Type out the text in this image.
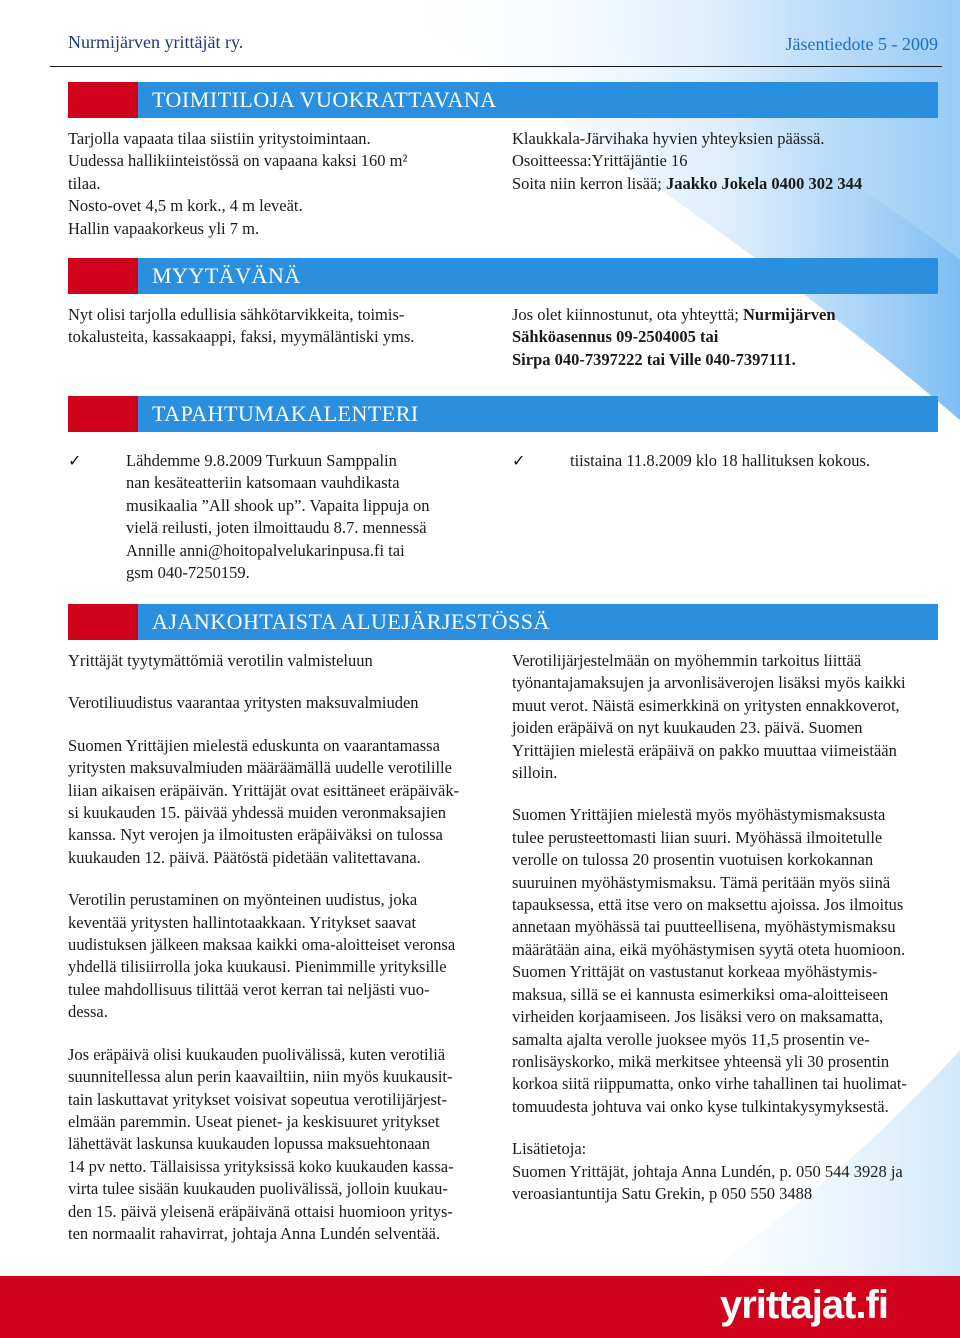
Nurmijärven yrittäjät ry.	Jäsentiedote 5 - 2009
TOIMITILOJA VUOKRATTAVANA

Tarjolla vapaata tilaa siistiin yritystoimintaan.

Uudessa hallikiinteistössä on vapaana kaksi 160 m²

tilaa.

Nosto-ovet 4,5 m kork., 4 m leveät.

Hallin vapaakorkeus yli 7 m.

Klaukkala-Järvihaka hyvien yhteyksien päässä.

Osoitteessa:Yrittäjäntie 16

Soita niin kerron lisää; Jaakko Jokela 0400 302 344

MYYTÄVÄNÄ

Nyt olisi tarjolla edullisia sähkötarvikkeita, toimis-

tokalusteita, kassakaappi, faksi, myymäläntiski yms.

Jos olet kiinnostunut, ota yhteyttä; Nurmijärven

Sähköasennus 09-2504005 tai

Sirpa 040-7397222 tai Ville 040-7397111.

TAPAHTUMAKALENTERI
✓	Lähdemme 9.8.2009 Turkuun Samppalin

nan kesäteatteriin katsomaan vauhdikasta

musikaalia ”All shook up”. Vapaita lippuja on

vielä reilusti, joten ilmoittaudu 8.7. mennessä

Annille anni@hoitopalvelukarinpusa.fi tai

gsm 040-7250159.

✓	tiistaina 11.8.2009 klo 18 hallituksen kokous.

AJANKOHTAISTA ALUEJÄRJESTÖSSÄ

Yrittäjät tyytymättömiä verotilin valmisteluun

Verotiliuudistus vaarantaa yritysten maksuvalmiuden

Suomen Yrittäjien mielestä eduskunta on vaarantamassa

yritysten maksuvalmiuden määräämällä uudelle verotilille

liian aikaisen eräpäivän. Yrittäjät ovat esittäneet eräpäiväk-

si kuukauden 15. päivää yhdessä muiden veronmaksajien

kanssa. Nyt verojen ja ilmoitusten eräpäiväksi on tulossa

kuukauden 12. päivä. Päätöstä pidetään valitettavana.

Verotilin perustaminen on myönteinen uudistus, joka

keventää yritysten hallintotaakkaan. Yritykset saavat

uudistuksen jälkeen maksaa kaikki oma-aloitteiset veronsa

yhdellä tilisiirrolla joka kuukausi. Pienimmille yrityksille

tulee mahdollisuus tilittää verot kerran tai neljästi vuo-

dessa.

Jos eräpäivä olisi kuukauden puolivälissä, kuten verotiliä

suunnitellessa alun perin kaavailtiin, niin myös kuukausit-

tain laskuttavat yritykset voisivat sopeutua verotilijärjest-

elmään paremmin. Useat pienet- ja keskisuuret yritykset

lähettävät laskunsa kuukauden lopussa maksuehtonaan

14 pv netto. Tällaisissa yrityksissä koko kuukauden kassa-

virta tulee sisään kuukauden puolivälissä, jolloin kuukau-

den 15. päivä yleisenä eräpäivänä ottaisi huomioon yritys-

ten normaalit rahavirrat, johtaja Anna Lundén selventää.

Verotilijärjestelmään on myöhemmin tarkoitus liittää

työnantajamaksujen ja arvonlisäverojen lisäksi myös kaikki

muut verot. Näistä esimerkkinä on yritysten ennakkoverot,

joiden eräpäivä on nyt kuukauden 23. päivä. Suomen

Yrittäjien mielestä eräpäivä on pakko muuttaa viimeistään

silloin.

Suomen Yrittäjien mielestä myös myöhästymismaksusta

tulee perusteettomasti liian suuri. Myöhässä ilmoitetulle

verolle on tulossa 20 prosentin vuotuisen korkokannan

suuruinen myöhästymismaksu. Tämä peritään myös siinä

tapauksessa, että itse vero on maksettu ajoissa. Jos ilmoitus

annetaan myöhässä tai puutteellisena, myöhästymismaksu

määrätään aina, eikä myöhästymisen syytä oteta huomioon.

Suomen Yrittäjät on vastustanut korkeaa myöhästymis-

maksua, sillä se ei kannusta esimerkiksi oma-aloitteiseen

virheiden korjaamiseen. Jos lisäksi vero on maksamatta,

samalta ajalta verolle juoksee myös 11,5 prosentin ve-

ronlisäyskorko, mikä merkitsee yhteensä yli 30 prosentin

korkoa siitä riippumatta, onko virhe tahallinen tai huolimat-

tomuudesta johtuva vai onko kyse tulkintakysymyksestä.

Lisätietoja:

Suomen Yrittäjät, johtaja Anna Lundén, p. 050 544 3928 ja

veroasiantuntija Satu Grekin, p 050 550 3488

yrittajat.fi
